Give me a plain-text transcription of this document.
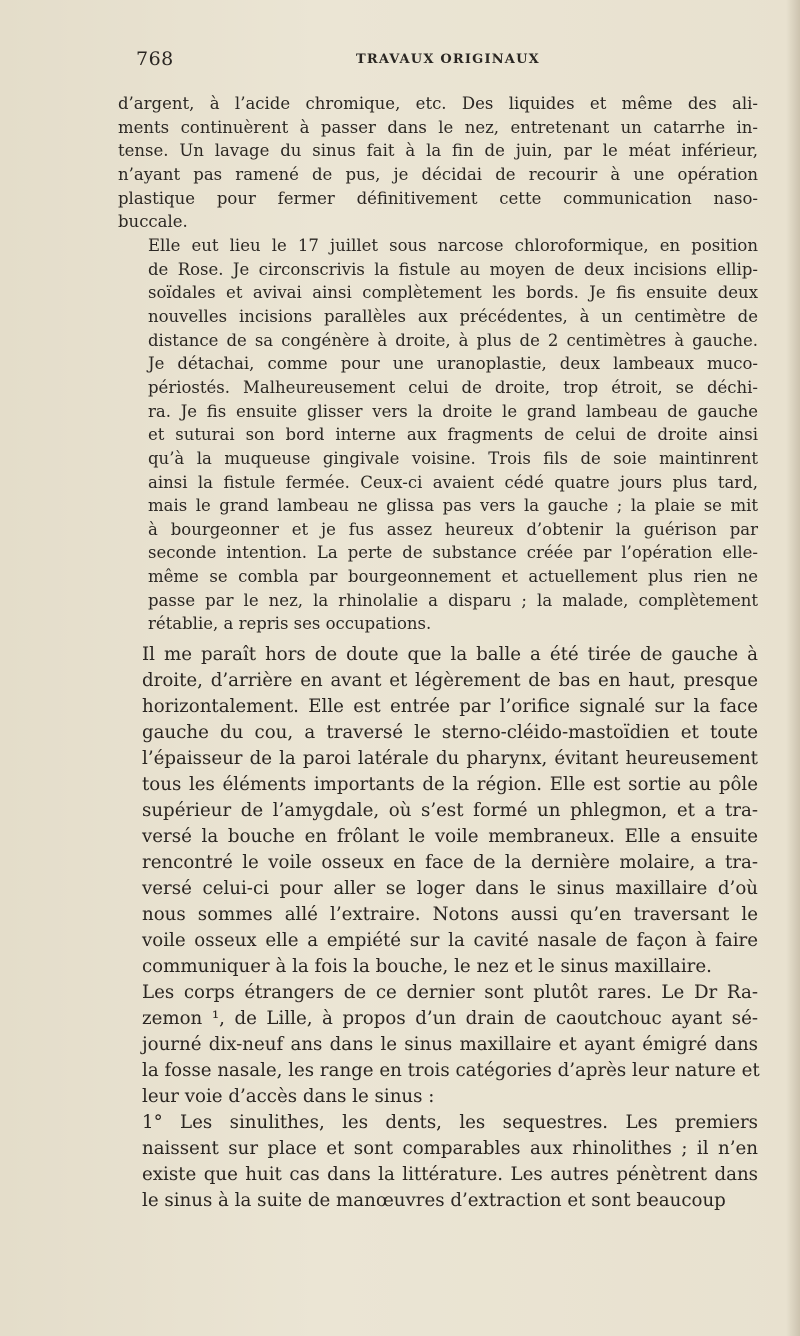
768	TRAVAUX ORIGINAUX

d’argent, à l’acide chromique, etc. Des liquides et même des ali-
ments continuèrent à passer dans le nez, entretenant un catarrhe in-
tense. Un lavage du sinus fait à la fin de juin, par le méat inférieur,
n’ayant pas ramené de pus, je décidai de recourir à une opération
plastique pour fermer définitivement cette communication naso-
buccale.

Elle eut lieu le 17 juillet sous narcose chloroformique, en position
de Rose. Je circonscrivis la fistule au moyen de deux incisions ellip-
soïdales et avivai ainsi complètement les bords. Je fis ensuite deux
nouvelles incisions parallèles aux précédentes, à un centimètre de
distance de sa congénère à droite, à plus de 2 centimètres à gauche.
Je détachai, comme pour une uranoplastie, deux lambeaux muco-
périostés. Malheureusement celui de droite, trop étroit, se déchi-
ra. Je fis ensuite glisser vers la droite le grand lambeau de gauche
et suturai son bord interne aux fragments de celui de droite ainsi
qu’à la muqueuse gingivale voisine. Trois fils de soie maintinrent
ainsi la fistule fermée. Ceux-ci avaient cédé quatre jours plus tard,
mais le grand lambeau ne glissa pas vers la gauche ; la plaie se mit
à bourgeonner et je fus assez heureux d’obtenir la guérison par
seconde intention. La perte de substance créée par l’opération elle-
même se combla par bourgeonnement et actuellement plus rien ne
passe par le nez, la rhinolalie a disparu ; la malade, complètement
rétablie, a repris ses occupations.

Il me paraît hors de doute que la balle a été tirée de gauche à
droite, d’arrière en avant et légèrement de bas en haut, presque
horizontalement. Elle est entrée par l’orifice signalé sur la face
gauche du cou, a traversé le sterno-cléido-mastoïdien et toute
l’épaisseur de la paroi latérale du pharynx, évitant heureusement
tous les éléments importants de la région. Elle est sortie au pôle
supérieur de l’amygdale, où s’est formé un phlegmon, et a tra-
versé la bouche en frôlant le voile membraneux. Elle a ensuite
rencontré le voile osseux en face de la dernière molaire, a tra-
versé celui-ci pour aller se loger dans le sinus maxillaire d’où
nous sommes allé l’extraire. Notons aussi qu’en traversant le
voile osseux elle a empiété sur la cavité nasale de façon à faire
communiquer à la fois la bouche, le nez et le sinus maxillaire.

Les corps étrangers de ce dernier sont plutôt rares. Le Dr Ra-
zemon ¹, de Lille, à propos d’un drain de caoutchouc ayant sé-
journé dix-neuf ans dans le sinus maxillaire et ayant émigré dans
la fosse nasale, les range en trois catégories d’après leur nature et
leur voie d’accès dans le sinus :

1° Les sinulithes, les dents, les sequestres. Les premiers
naissent sur place et sont comparables aux rhinolithes ; il n’en
existe que huit cas dans la littérature. Les autres pénètrent dans
le sinus à la suite de manœuvres d’extraction et sont beaucoup
